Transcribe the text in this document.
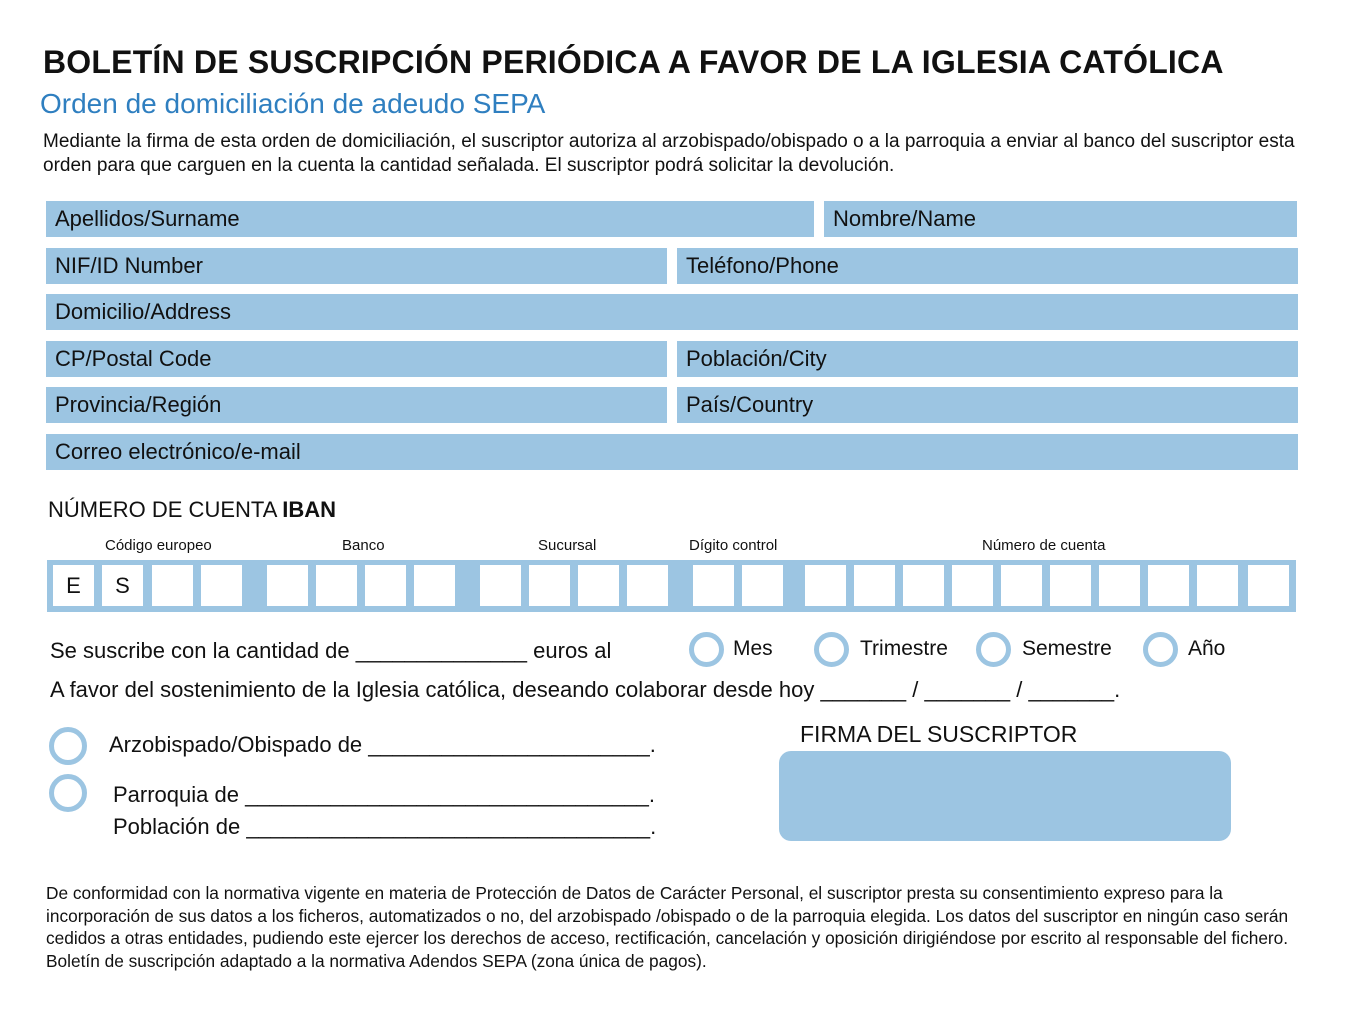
BOLETÍN DE SUSCRIPCIÓN PERIÓDICA A FAVOR DE LA IGLESIA CATÓLICA
Orden de domiciliación de adeudo SEPA
Mediante la firma de esta orden de domiciliación, el suscriptor autoriza al arzobispado/obispado o a la parroquia a enviar al banco del suscriptor esta orden para que carguen en la cuenta la cantidad señalada. El suscriptor podrá solicitar la devolución.
Apellidos/Surname	Nombre/Name
NIF/ID Number	Teléfono/Phone
Domicilio/Address
CP/Postal Code	Población/City
Provincia/Región	País/Country
Correo electrónico/e-mail
NÚMERO DE CUENTA IBAN
Código europeo	Banco	Sucursal	Dígito control	Número de cuenta
E	S
Se suscribe con la cantidad de ______________ euros al	Mes	Trimestre	Semestre	Año
A favor del sostenimiento de la Iglesia católica, deseando colaborar desde hoy _______ / _______ / _______.
Arzobispado/Obispado de _______________________.
Parroquia de _________________________________.
Población de _________________________________.
FIRMA DEL SUSCRIPTOR
De conformidad con la normativa vigente en materia de Protección de Datos de Carácter Personal, el suscriptor presta su consentimiento expreso para la incorporación de sus datos a los ficheros, automatizados o no, del arzobispado /obispado o de la parroquia elegida. Los datos del suscriptor en ningún caso serán cedidos a otras entidades, pudiendo este ejercer los derechos de acceso, rectificación, cancelación y oposición dirigiéndose por escrito al responsable del fichero. Boletín de suscripción adaptado a la normativa Adendos SEPA (zona única de pagos).
